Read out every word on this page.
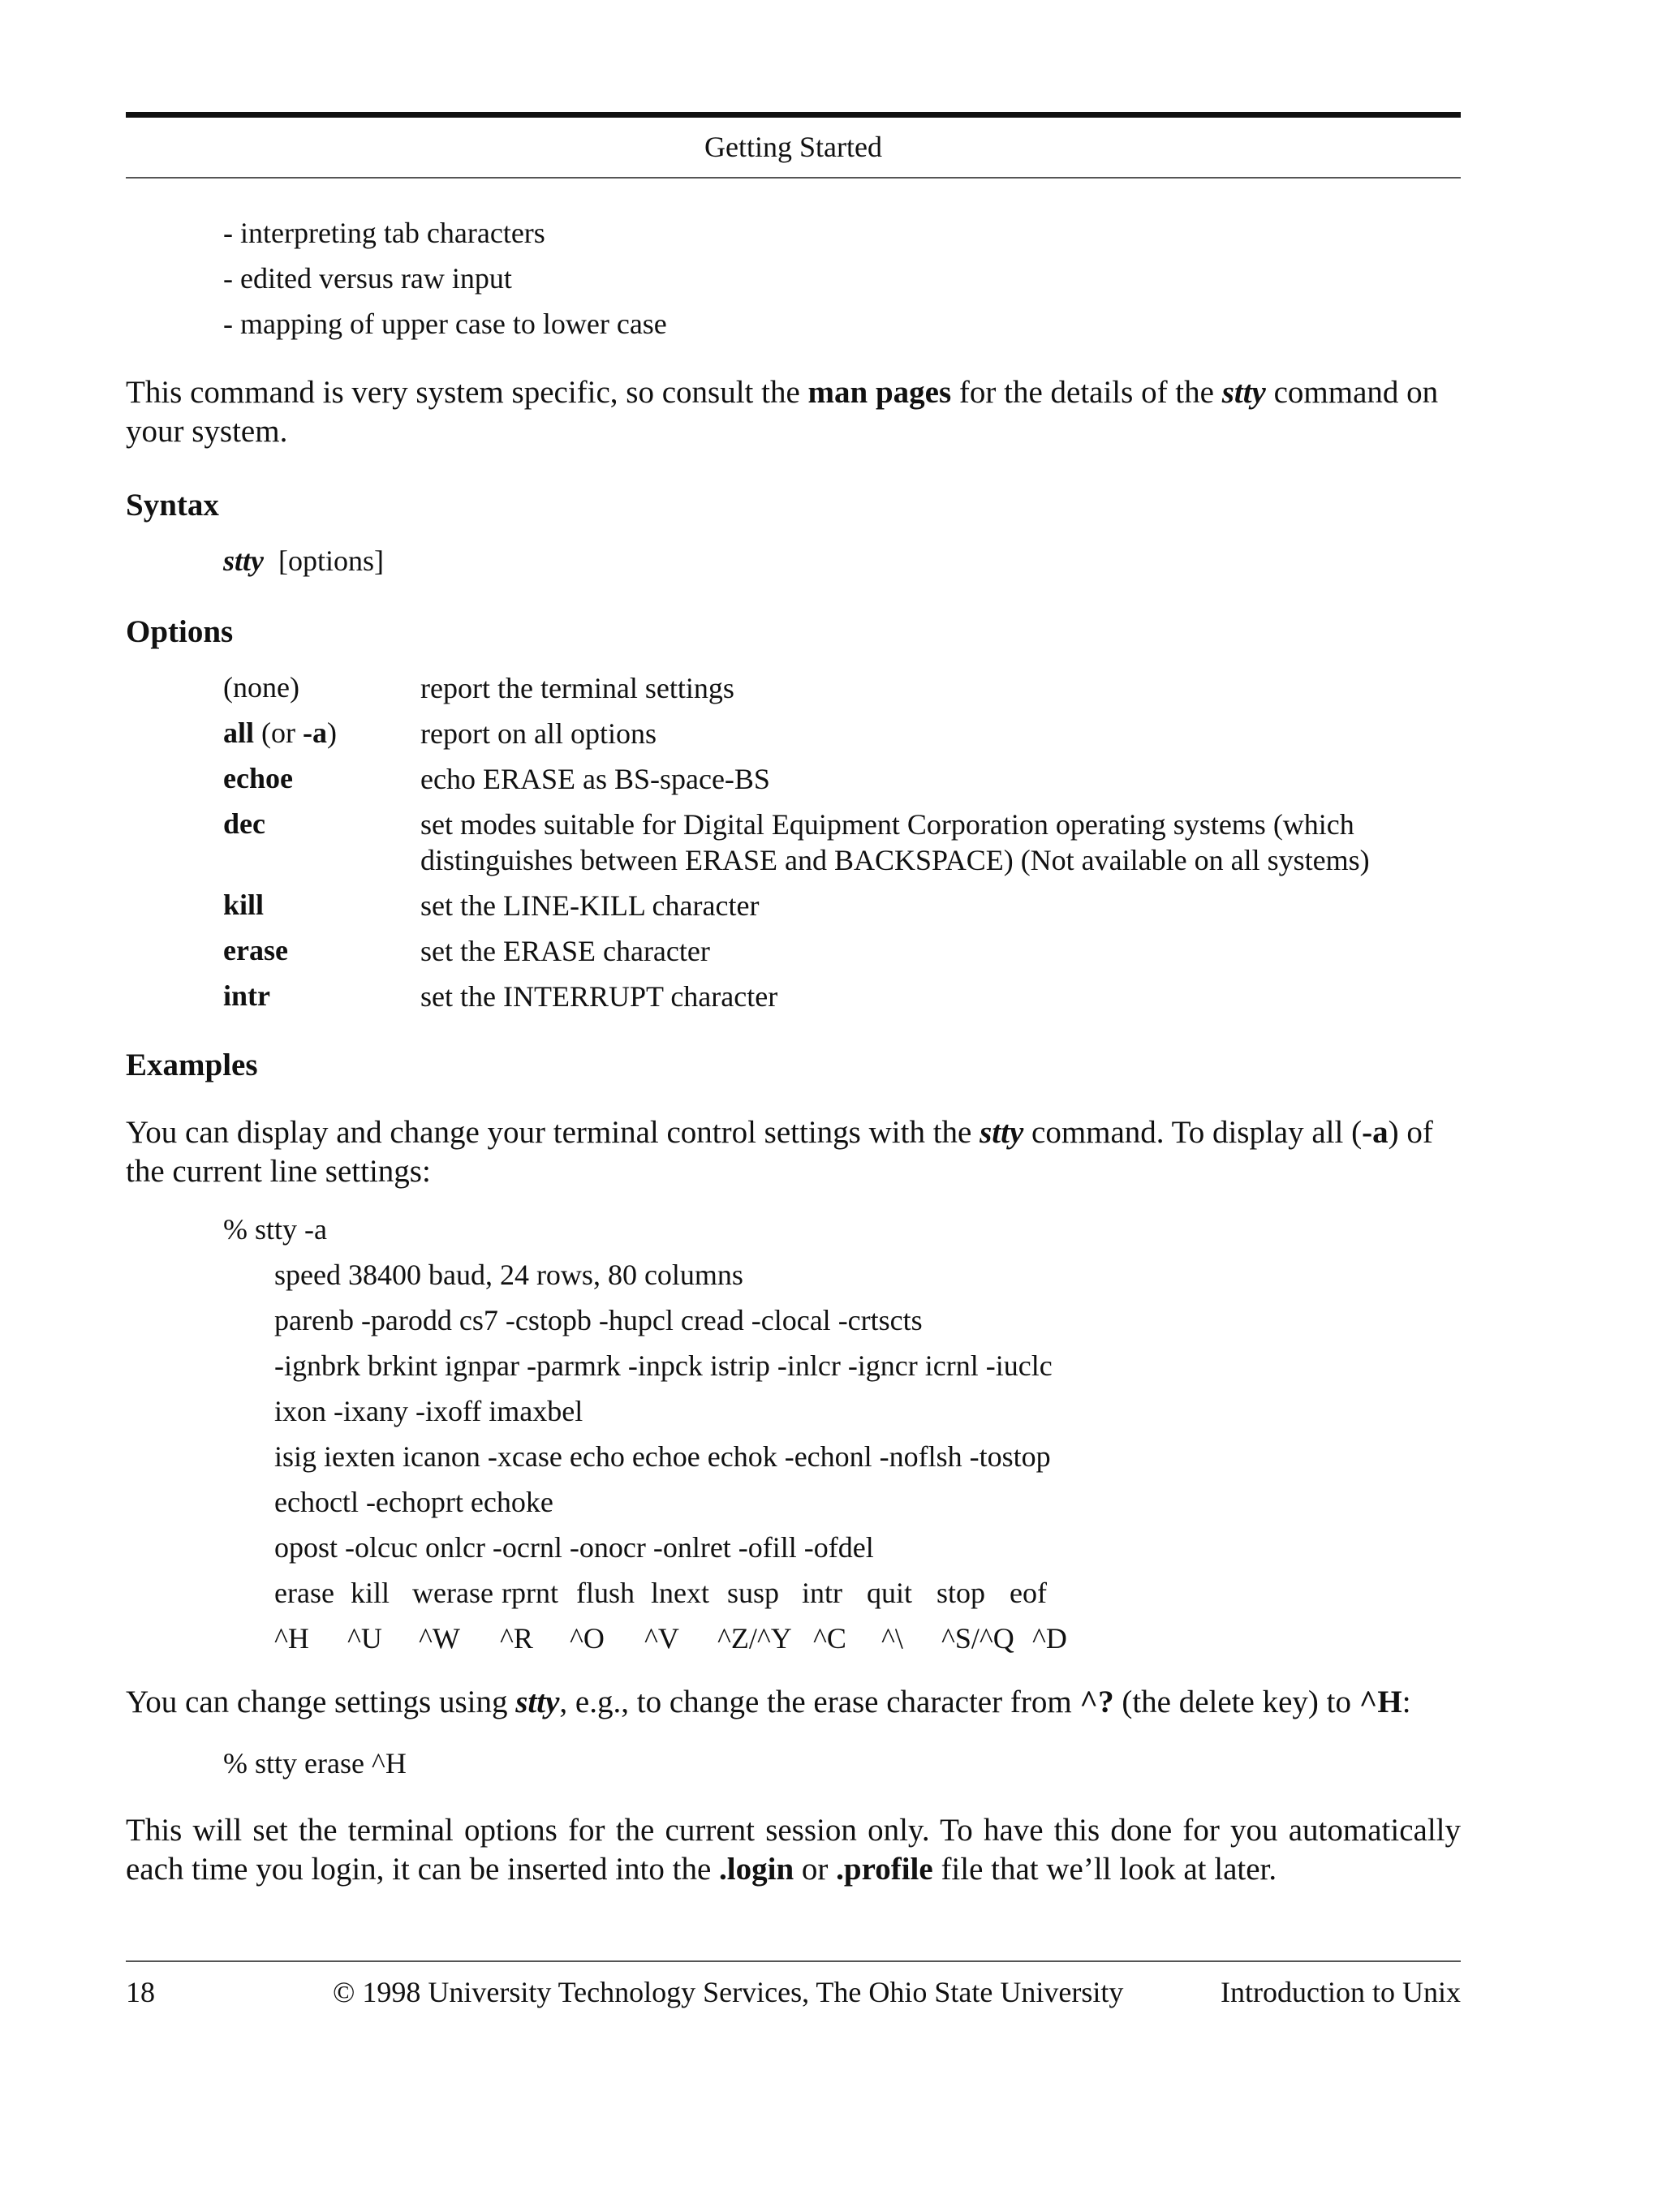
Getting Started
- interpreting tab characters
- edited versus raw input
- mapping of upper case to lower case
This command is very system specific, so consult the man pages for the details of the stty command on your system.
Syntax
stty [options]
Options
(none)	report the terminal settings
all (or -a)	report on all options
echoe	echo ERASE as BS-space-BS
dec	set modes suitable for Digital Equipment Corporation operating systems (which distinguishes between ERASE and BACKSPACE) (Not available on all systems)
kill	set the LINE-KILL character
erase	set the ERASE character
intr	set the INTERRUPT character
Examples
You can display and change your terminal control settings with the stty command. To display all (-a) of the current line settings:
% stty -a
speed 38400 baud, 24 rows, 80 columns
parenb -parodd cs7 -cstopb -hupcl cread -clocal -crtscts
-ignbrk brkint ignpar -parmrk -inpck istrip -inlcr -igncr icrnl -iuclc
ixon -ixany -ixoff imaxbel
isig iexten icanon -xcase echo echoe echok -echonl -noflsh -tostop
echoctl -echoprt echoke
opost -olcuc onlcr -ocrnl -onocr -onlret -ofill -ofdel
erase kill werase rprnt flush lnext susp intr quit stop eof
^H ^U ^W ^R ^O ^V ^Z/^Y ^C ^\ ^S/^Q ^D
You can change settings using stty, e.g., to change the erase character from ^? (the delete key) to ^H:
% stty erase ^H
This will set the terminal options for the current session only. To have this done for you automatically each time you login, it can be inserted into the .login or .profile file that we’ll look at later.
18	© 1998 University Technology Services, The Ohio State University	Introduction to Unix
